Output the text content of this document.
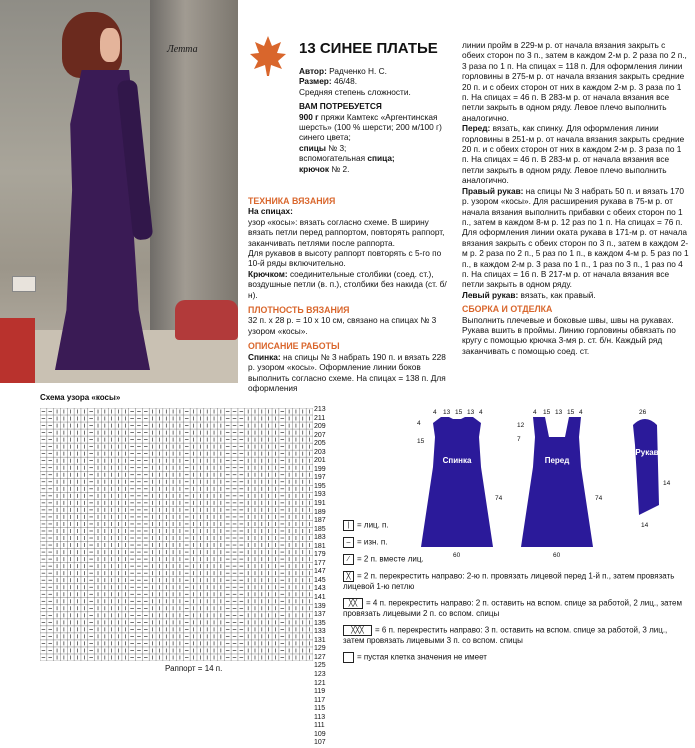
Летта	13 СИНЕЕ ПЛАТЬЕ

Автор: Радченко Н. С.

Размер: 46/48.

Средняя степень сложности.

ВАМ ПОТРЕБУЕТСЯ

900 г пряжи Камтекс «Аргентинская шерсть» (100 % шерсти; 200 м/100 г) синего цвета;

спицы № 3;

вспомогательная спица;

крючок № 2.

ТЕХНИКА ВЯЗАНИЯ

На спицах:

узор «косы»: вязать согласно схеме. В ширину вязать петли перед раппортом, повторять раппорт, заканчивать петлями после раппорта.

Для рукавов в высоту раппорт повторять с 5-го по 10-й ряды включительно.

Крючком: соединительные столбики (соед. ст.), воздушные петли (в. п.), столбики без накида (ст. б/н).

ПЛОТНОСТЬ ВЯЗАНИЯ

32 п. х 28 р. = 10 х 10 см, связано на спицах № 3 узором «косы».

ОПИСАНИЕ РАБОТЫ

Спинка: на спицы № 3 набрать 190 п. и вязать 228 р. узором «косы». Оформление линии боков выполнить согласно схеме. На спицах = 138 п. Для оформления

линии пройм в 229-м р. от начала вязания закрыть с обеих сторон по 3 п., затем в каждом 2-м р. 2 раза по 2 п., 3 раза по 1 п. На спицах = 118 п. Для оформления линии горловины в 275-м р. от начала вязания закрыть средние 20 п. и с обеих сторон от них в каждом 2-м р. 3 раза по 1 п. На спицах = 46 п. В 283-м р. от начала вязания все петли закрыть в одном ряду. Левое плечо выполнить аналогично.

Перед: вязать, как спинку. Для оформления линии горловины в 251-м р. от начала вязания закрыть средние 20 п. и с обеих сторон от них в каждом 2-м р. 3 раза по 1 п. На спицах = 46 п. В 283-м р. от начала вязания все петли закрыть в одном ряду. Левое плечо выполнить аналогично.

Правый рукав: на спицы № 3 набрать 50 п. и вязать 170 р. узором «косы». Для расширения рукава в 75-м р. от начала вязания выполнить прибавки с обеих сторон по 1 п., затем в каждом 8-м р. 12 раз по 1 п. На спицах = 76 п. Для оформления линии оката рукава в 171-м р. от начала вязания закрыть с обеих сторон по 3 п., затем в каждом 2-м р. 2 раза по 2 п., 5 раз по 1 п., в каждом 4-м р. 5 раз по 1 п., в каждом 2-м р. 3 раза по 1 п., 1 раз по 3 п., 1 раз по 4 п. На спицах = 16 п. В 217-м р. от начала вязания все петли закрыть в одном ряду.

Левый рукав: вязать, как правый.

СБОРКА И ОТДЕЛКА

Выполнить плечевые и боковые швы, швы на рукавах. Рукава вшить в проймы. Линию горловины обвязать по кругу с помощью крючка 3-мя р. ст. б/н. Каждый ряд заканчивать с помощью соед. ст.

Схема узора «косы»
213
211
209
207
205
203
201
199
197
195
193
191
189
187
185
183
181
179
177
147
145
143
141
139
137
135
133
131
129
127
125
123
121
119
117
115
113
111
109
107
Раппорт = 14 п.
| = лиц. п.
– = изн. п.
⁄ = 2 п. вместе лиц.
╳ = 2 п. перекрестить направо: 2-ю п. провязать лицевой перед 1-й п., затем провязать лицевой 1-ю петлю
╳╳ = 4 п. перекрестить направо: 2 п. оставить на вспом. спице за работой, 2 лиц., затем провязать лицевыми 2 п. со вспом. спицы
╳╳╳ = 6 п. перекрестить направо: 3 п. оставить на вспом. спице за работой, 3 лиц., затем провязать лицевыми 3 п. со вспом. спицы
= пустая клетка значения не имеет
Спинка
4 13 15 13 4
4
15
74
60
Перед
4 15 13 15 4
12
7
74
60
Рукав
26
14
14
